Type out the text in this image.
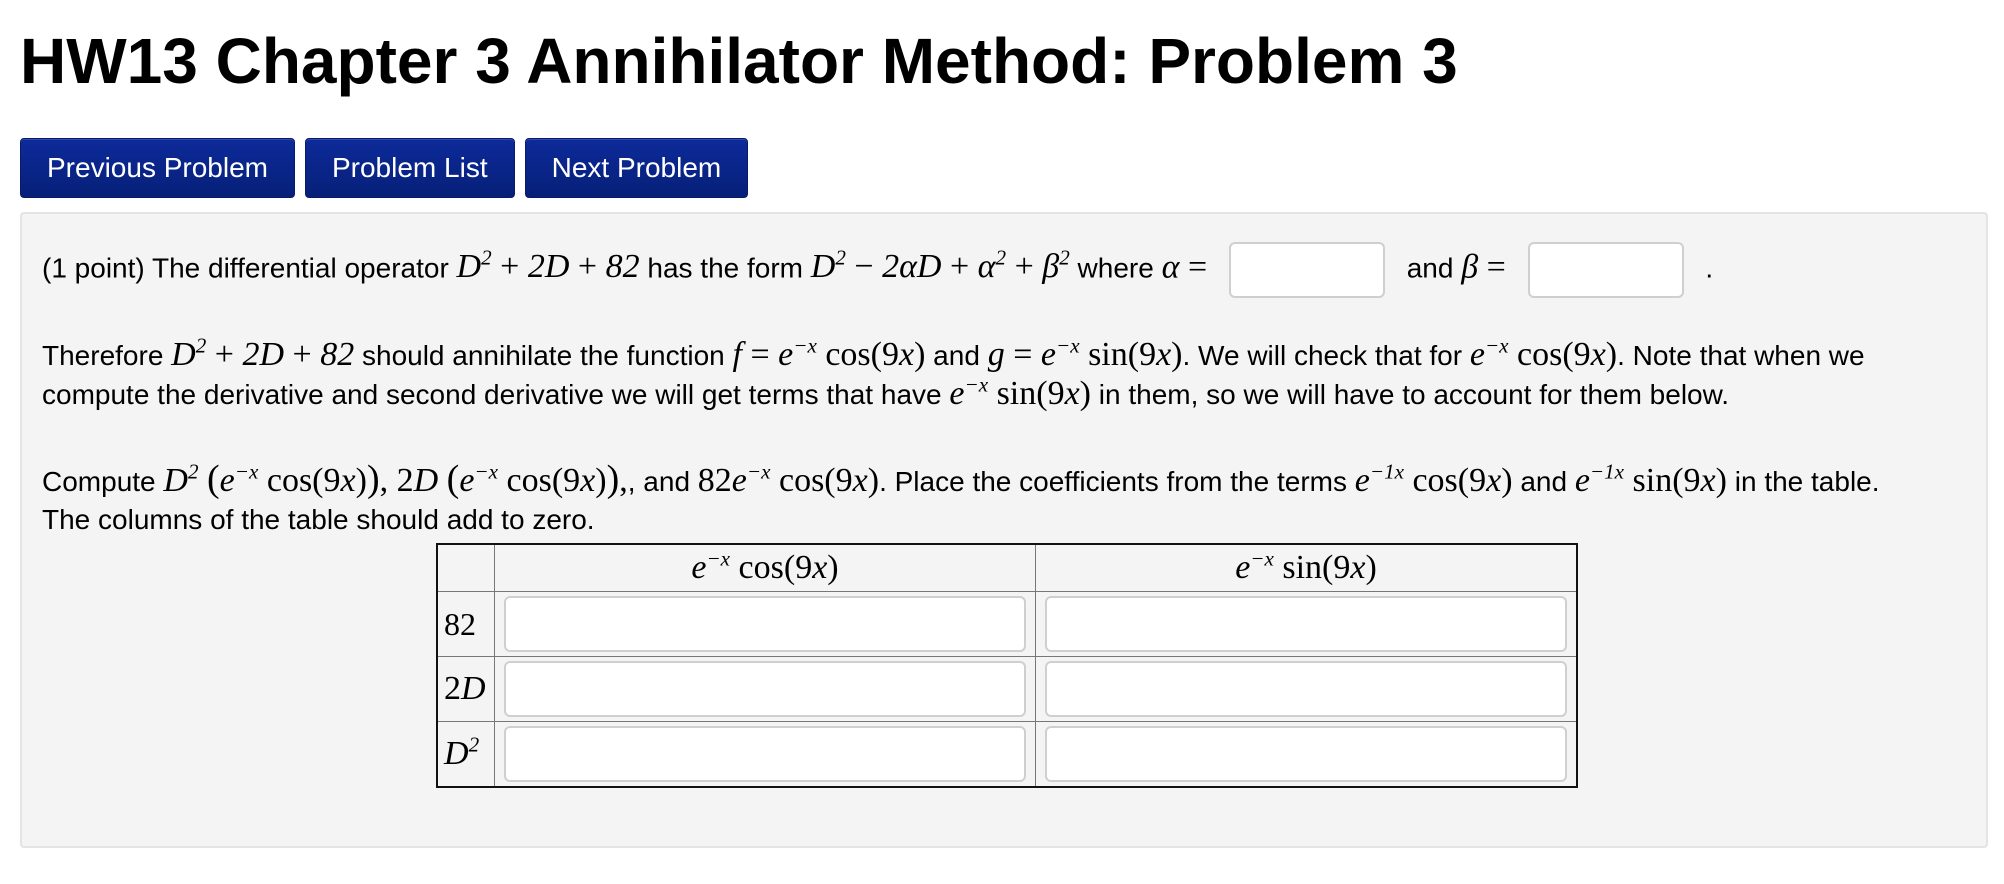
HW13 Chapter 3 Annihilator Method: Problem 3
Previous Problem	Problem List	Next Problem
(1 point) The differential operator $D^2 + 2D + 82$ has the form $D^2 - 2\alpha D + \alpha^2 + \beta^2$ where α =	and β =	.
Therefore $D^2 + 2D + 82$ should annihilate the function $f = e^{-x}$ cos(9x) and $g = e^{-x}$ sin(9x). We will check that for $e^{-x}$ cos(9x). Note that when we
compute the derivative and second derivative we will get terms that have $e^{-x}$ sin(9x) in them, so we will have to account for them below.
Compute $D^2$ ($e^{-x}$ cos(9x)), 2D ($e^{-x}$ cos(9x)),, and $82e^{-x}$ cos(9x). Place the coefficients from the terms $e^{-1x}$ cos(9x) and $e^{-1x}$ sin(9x) in the table.
The columns of the table should add to zero.
	$e^{-x}$ cos(9x)	$e^{-x}$ sin(9x)
82	

2D	

$D^2$	
